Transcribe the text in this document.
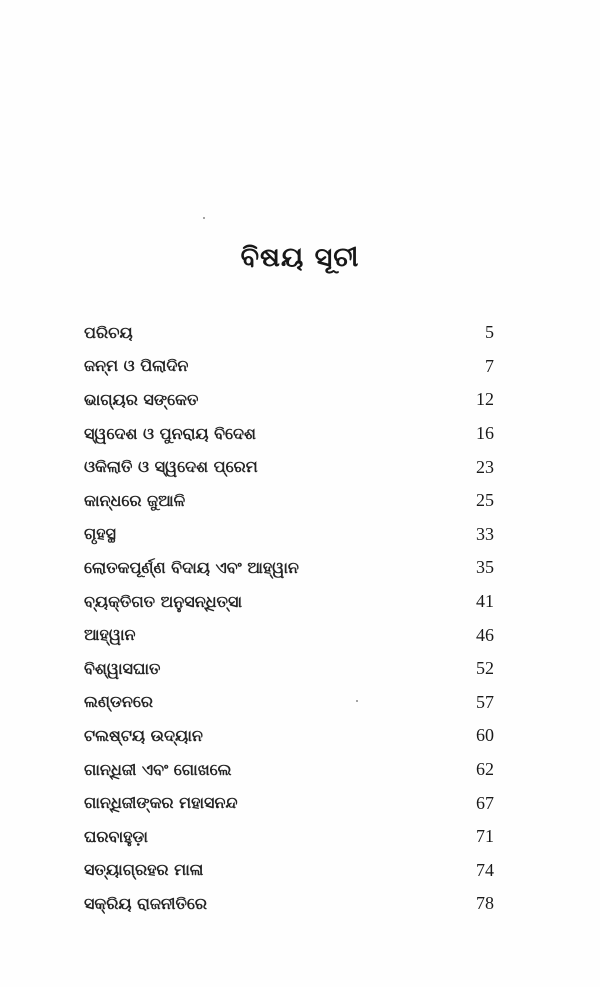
ବିଷୟ ସୂଚୀ
ପରିଚୟ	5
ଜନ୍ମ ଓ ପିଲାଦିନ	7
ଭାଗ୍ୟର ସଙ୍କେତ	12
ସ୍ୱଦେଶ ଓ ପୁନରାୟ ବିଦେଶ	16
ଓକିଲାତି ଓ ସ୍ୱଦେଶ ପ୍ରେମ	23
କାନ୍ଧରେ ଜୁଆଳି	25
ଗୃହସ୍ଥ	33
ଲୋତକପୂର୍ଣ୍ଣ ବିଦାୟ ଏବଂ ଆହ୍ୱାନ	35
ବ୍ୟକ୍ତିଗତ ଅନୁସନ୍ଧିତ୍ସା	41
ଆହ୍ୱାନ	46
ବିଶ୍ୱାସଘାତ	52
ଲଣ୍ଡନରେ	57
ଟଲଷ୍ଟୟ ଉଦ୍ୟାନ	60
ଗାନ୍ଧିଜୀ ଏବଂ ଗୋଖଲେ	62
ଗାନ୍ଧିଜୀଙ୍କର ମହାସନନ୍ଦ	67
ଘରବାହୁଡ଼ା	71
ସତ୍ୟାଗ୍ରହର ମାଳା	74
ସକ୍ରିୟ ରାଜନୀତିରେ	78
